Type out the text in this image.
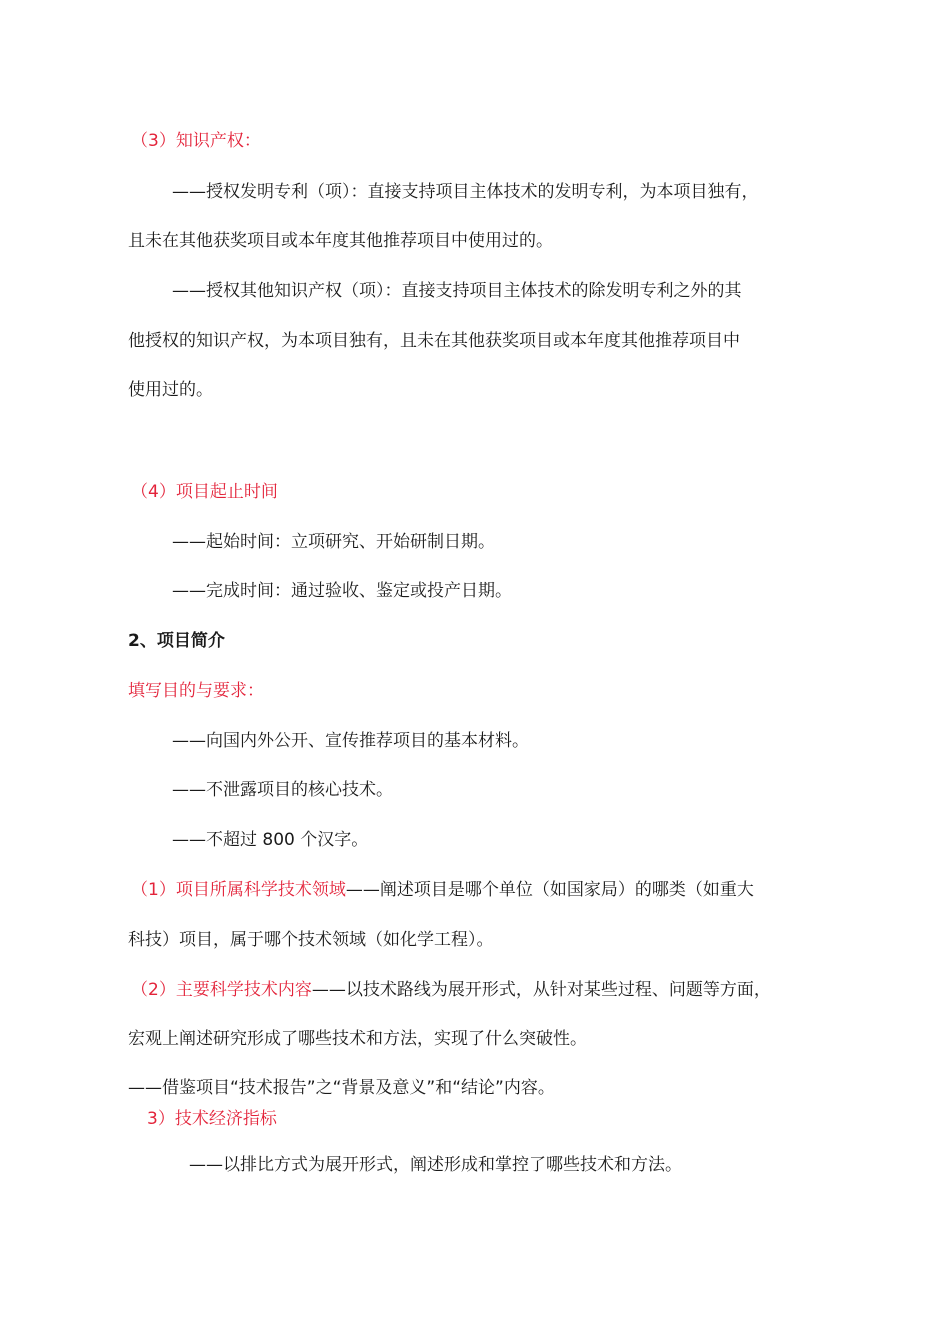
（3）知识产权：
——授权发明专利（项）：直接支持项目主体技术的发明专利，为本项目独有，
且未在其他获奖项目或本年度其他推荐项目中使用过的。
——授权其他知识产权（项）：直接支持项目主体技术的除发明专利之外的其
他授权的知识产权，为本项目独有，且未在其他获奖项目或本年度其他推荐项目中
使用过的。
（4）项目起止时间
——起始时间：立项研究、开始研制日期。
——完成时间：通过验收、鉴定或投产日期。
2、项目简介
填写目的与要求：
——向国内外公开、宣传推荐项目的基本材料。
——不泄露项目的核心技术。
——不超过 800 个汉字。
（1）项目所属科学技术领域——阐述项目是哪个单位（如国家局）的哪类（如重大
科技）项目，属于哪个技术领域（如化学工程）。
（2）主要科学技术内容——以技术路线为展开形式，从针对某些过程、问题等方面，
宏观上阐述研究形成了哪些技术和方法，实现了什么突破性。
——借鉴项目“技术报告”之“背景及意义”和“结论”内容。
3）技术经济指标
——以排比方式为展开形式，阐述形成和掌控了哪些技术和方法。
